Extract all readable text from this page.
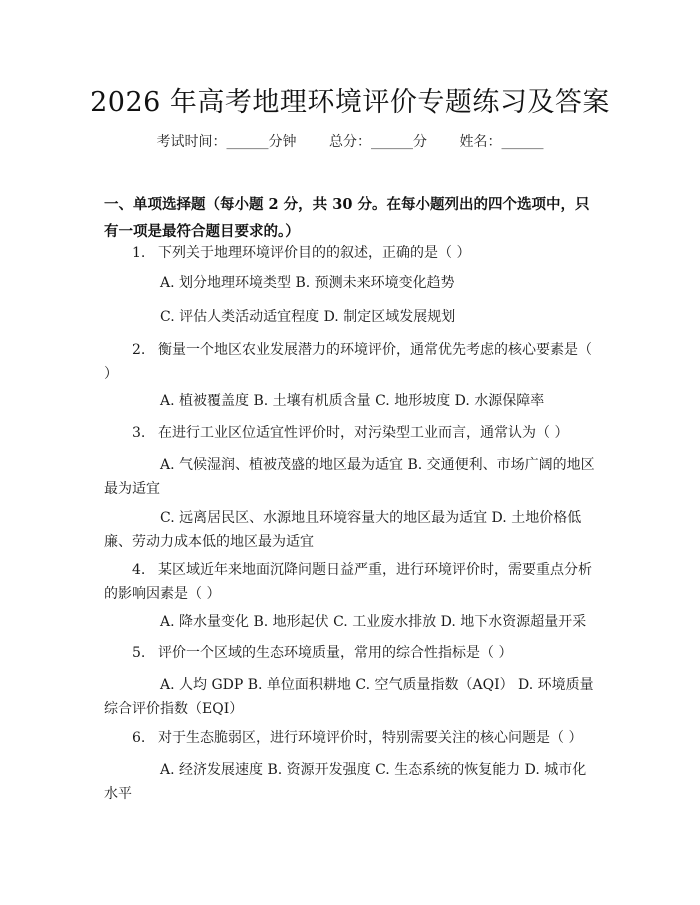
2026 年高考地理环境评价专题练习及答案
考试时间：______分钟 总分：______分 姓名：______
一、单项选择题（每小题 2 分，共 30 分。在每小题列出的四个选项中，只有一项是最符合题目要求的。）
1. 下列关于地理环境评价目的的叙述，正确的是（ ）
A. 划分地理环境类型 B. 预测未来环境变化趋势
C. 评估人类活动适宜程度 D. 制定区域发展规划
2. 衡量一个地区农业发展潜力的环境评价，通常优先考虑的核心要素是（ ）
A. 植被覆盖度 B. 土壤有机质含量 C. 地形坡度 D. 水源保障率
3. 在进行工业区位适宜性评价时，对污染型工业而言，通常认为（ ）
A. 气候湿润、植被茂盛的地区最为适宜 B. 交通便利、市场广阔的地区最为适宜
C. 远离居民区、水源地且环境容量大的地区最为适宜 D. 土地价格低廉、劳动力成本低的地区最为适宜
4. 某区域近年来地面沉降问题日益严重，进行环境评价时，需要重点分析的影响因素是（ ）
A. 降水量变化 B. 地形起伏 C. 工业废水排放 D. 地下水资源超量开采
5. 评价一个区域的生态环境质量，常用的综合性指标是（ ）
A. 人均 GDP B. 单位面积耕地 C. 空气质量指数（AQI） D. 环境质量综合评价指数（EQI）
6. 对于生态脆弱区，进行环境评价时，特别需要关注的核心问题是（ ）
A. 经济发展速度 B. 资源开发强度 C. 生态系统的恢复能力 D. 城市化水平
